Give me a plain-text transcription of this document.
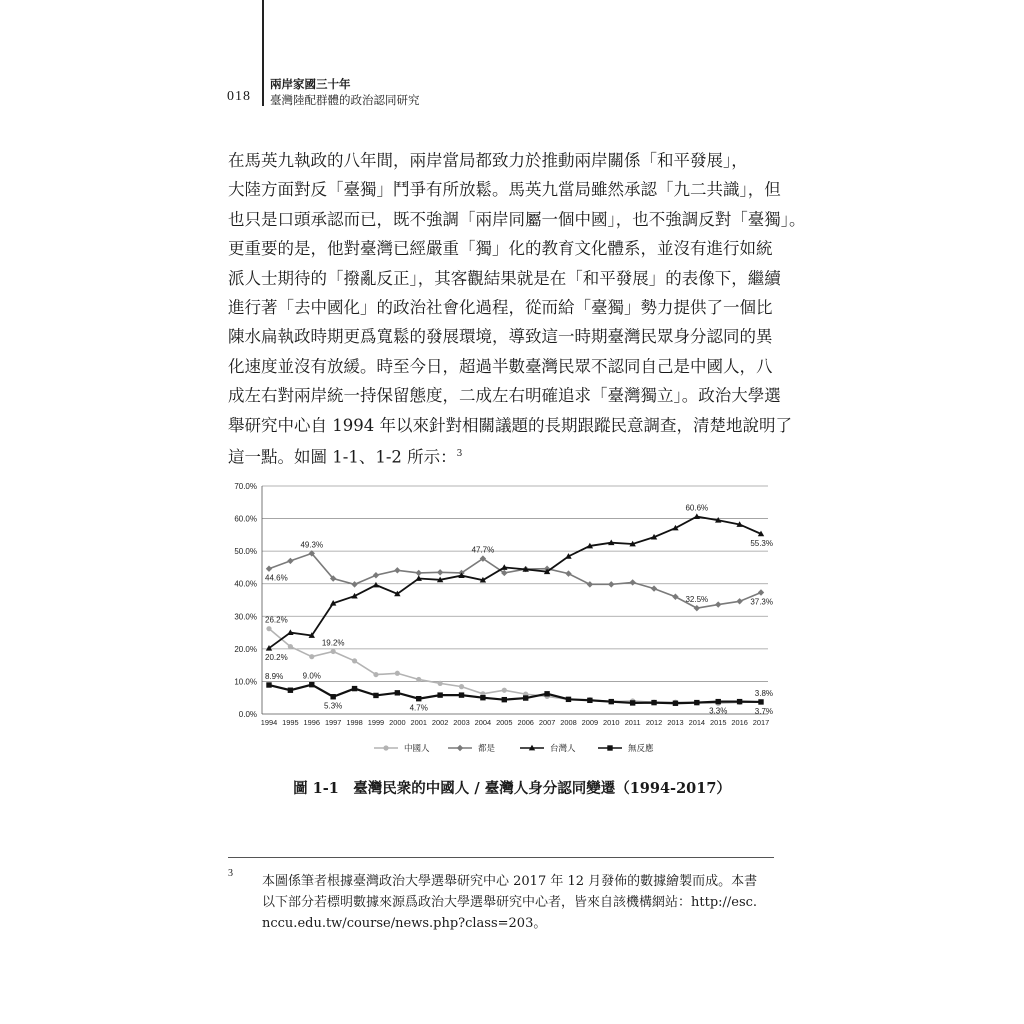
018
兩岸家國三十年
臺灣陸配群體的政治認同研究

在馬英九執政的八年間，兩岸當局都致力於推動兩岸關係「和平發展」，

大陸方面對反「臺獨」鬥爭有所放鬆。馬英九當局雖然承認「九二共識」，但

也只是口頭承認而已，既不強調「兩岸同屬一個中國」，也不強調反對「臺獨」。

更重要的是，他對臺灣已經嚴重「獨」化的教育文化體系，並沒有進行如統

派人士期待的「撥亂反正」，其客觀結果就是在「和平發展」的表像下，繼續

進行著「去中國化」的政治社會化過程，從而給「臺獨」勢力提供了一個比

陳水扁執政時期更爲寬鬆的發展環境，導致這一時期臺灣民眾身分認同的異

化速度並沒有放緩。時至今日，超過半數臺灣民眾不認同自己是中國人，八

成左右對兩岸統一持保留態度，二成左右明確追求「臺灣獨立」。政治大學選

舉研究中心自 1994 年以來針對相關議題的長期跟蹤民意調查，清楚地說明了

這一點。如圖 1-1、1-2 所示：$^3$

0.0%
10.0%
20.0%
30.0%
40.0%
50.0%
60.0%
70.0%
1994 1995 1996 1997 1998 1999 2000 2001 2002 2003 2004 2005 2006 2007 2008 2009 2010 2011 2012 2013 2014 2015 2016 2017
26.2%
19.2%
44.6%
49.3%
47.7%
32.5%	37.3%
20.2%
60.6%
55.3%
8.9% 9.0%
5.3%	4.7%	3.3%
3.8%
3.7%
中國人	都是	台灣人	無反應
圖 1-1　臺灣民衆的中國人 / 臺灣人身分認同變遷（1994-2017）
3

本圖係筆者根據臺灣政治大學選舉研究中心 2017 年 12 月發佈的數據繪製而成。本書

以下部分若標明數據來源爲政治大學選舉研究中心者，皆來自該機構網站：http://esc.

nccu.edu.tw/course/news.php?class=203。
